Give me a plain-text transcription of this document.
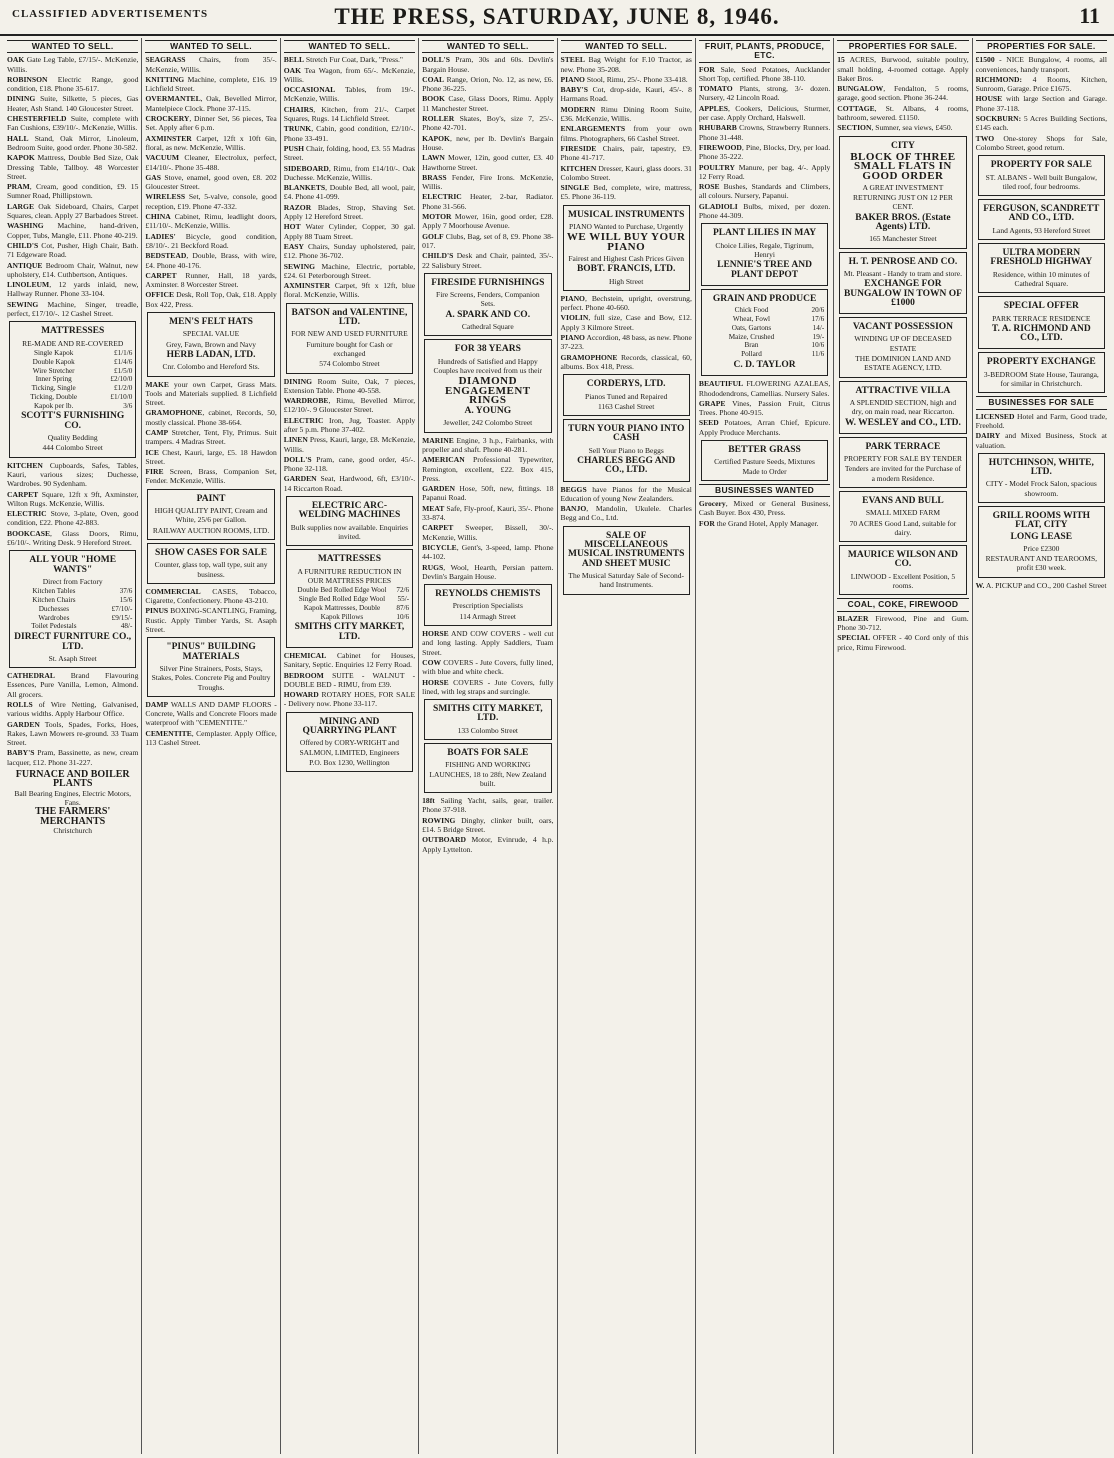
CLASSIFIED ADVERTISEMENTS	THE PRESS, SATURDAY, JUNE 8, 1946.	11
WANTED TO SELL.
OAK Gate Leg Table, £7/15/-. McKenzie, Willis.
ROBINSON Electric Range, good condition, £18. Phone 35-617.
DINING Suite, Silkette, 5 pieces, Gas Heater, Ash Stand. 140 Gloucester Street.
CHESTERFIELD Suite, complete with Fan Cushions, £39/10/-. McKenzie, Willis.
HALL Stand, Oak Mirror, Linoleum, Bedroom Suite, good order. Phone 30-582.
KAPOK Mattress, Double Bed Size, Oak Dressing Table, Tallboy. 48 Worcester Street.
PRAM, Cream, good condition, £9. 15 Sumner Road, Phillipstown.
LARGE Oak Sideboard, Chairs, Carpet Squares, clean. Apply 27 Barbadoes Street.
WASHING Machine, hand-driven, Copper, Tubs, Mangle, £11. Phone 40-219.
CHILD'S Cot, Pusher, High Chair, Bath. 71 Edgeware Road.
ANTIQUE Bedroom Chair, Walnut, new upholstery, £14. Cuthbertson, Antiques.
LINOLEUM, 12 yards inlaid, new, Hallway Runner. Phone 33-104.
SEWING Machine, Singer, treadle, perfect, £17/10/-. 12 Cashel Street.
MATTRESSES
RE-MADE AND RE-COVERED
Single Kapok	£1/1/6
Double Kapok	£1/4/6
Wire Stretcher	£1/5/0
Inner Spring	£2/10/0
Ticking, Single	£1/2/0
Ticking, Double	£1/10/0
Kapok per lb.	3/6
SCOTT'S FURNISHING CO.
Quality Bedding
444 Colombo Street
KITCHEN Cupboards, Safes, Tables, Kauri, various sizes; Duchesse, Wardrobes. 90 Sydenham.
CARPET Square, 12ft x 9ft, Axminster, Wilton Rugs. McKenzie, Willis.
ELECTRIC Stove, 3-plate, Oven, good condition, £22. Phone 42-883.
BOOKCASE, Glass Doors, Rimu, £6/10/-. Writing Desk. 9 Hereford Street.
ALL YOUR "HOME WANTS"
Direct from Factory
Kitchen Tables	37/6
Kitchen Chairs	15/6
Duchesses	£7/10/-
Wardrobes	£9/15/-
Toilet Pedestals	48/-
DIRECT FURNITURE CO., LTD.
St. Asaph Street
CATHEDRAL Brand Flavouring Essences, Pure Vanilla, Lemon, Almond. All grocers.
ROLLS of Wire Netting, Galvanised, various widths. Apply Harbour Office.
GARDEN Tools, Spades, Forks, Hoes, Rakes, Lawn Mowers re-ground. 33 Tuam Street.
BABY'S Pram, Bassinette, as new, cream lacquer, £12. Phone 31-227.
FURNACE AND BOILER PLANTS
Ball Bearing Engines, Electric Motors, Fans.
THE FARMERS' MERCHANTS
Christchurch
WANTED TO SELL.
SEAGRASS Chairs, from 35/-. McKenzie, Willis.
KNITTING Machine, complete, £16. 19 Lichfield Street.
OVERMANTEL, Oak, Bevelled Mirror, Mantelpiece Clock. Phone 37-115.
CROCKERY, Dinner Set, 56 pieces, Tea Set. Apply after 6 p.m.
AXMINSTER Carpet, 12ft x 10ft 6in, floral, as new. McKenzie, Willis.
VACUUM Cleaner, Electrolux, perfect, £14/10/-. Phone 35-488.
GAS Stove, enamel, good oven, £8. 202 Gloucester Street.
WIRELESS Set, 5-valve, console, good reception, £19. Phone 47-332.
CHINA Cabinet, Rimu, leadlight doors, £11/10/-. McKenzie, Willis.
LADIES' Bicycle, good condition, £8/10/-. 21 Beckford Road.
BEDSTEAD, Double, Brass, with wire, £4. Phone 40-176.
CARPET Runner, Hall, 18 yards, Axminster. 8 Worcester Street.
OFFICE Desk, Roll Top, Oak, £18. Apply Box 422, Press.
MEN'S FELT HATS
SPECIAL VALUE
Grey, Fawn, Brown and Navy
HERB LADAN, LTD.
Cnr. Colombo and Hereford Sts.
MAKE your own Carpet, Grass Mats. Tools and Materials supplied. 8 Lichfield Street.
GRAMOPHONE, cabinet, Records, 50, mostly classical. Phone 38-664.
CAMP Stretcher, Tent, Fly, Primus. Suit trampers. 4 Madras Street.
ICE Chest, Kauri, large, £5. 18 Hawdon Street.
FIRE Screen, Brass, Companion Set, Fender. McKenzie, Willis.
PAINT
HIGH QUALITY PAINT, Cream and White, 25/6 per Gallon.
RAILWAY AUCTION ROOMS, LTD.
SHOW CASES FOR SALE
Counter, glass top, wall type, suit any business.
COMMERCIAL CASES, Tobacco, Cigarette, Confectionery. Phone 43-210.
PINUS BOXING-SCANTLING, Framing, Rustic. Apply Timber Yards, St. Asaph Street.
"PINUS" BUILDING MATERIALS
Silver Pine Strainers, Posts, Stays, Stakes, Poles. Concrete Pig and Poultry Troughs.
DAMP WALLS AND DAMP FLOORS - Concrete, Walls and Concrete Floors made waterproof with "CEMENTITE."
CEMENTITE, Cemplaster. Apply Office, 113 Cashel Street.
WANTED TO SELL.
BELL Stretch Fur Coat, Dark, "Press."
OAK Tea Wagon, from 65/-. McKenzie, Willis.
OCCASIONAL Tables, from 19/-. McKenzie, Willis.
CHAIRS, Kitchen, from 21/-. Carpet Squares, Rugs. 14 Lichfield Street.
TRUNK, Cabin, good condition, £2/10/-. Phone 33-491.
PUSH Chair, folding, hood, £3. 55 Madras Street.
SIDEBOARD, Rimu, from £14/10/-. Oak Duchesse. McKenzie, Willis.
BLANKETS, Double Bed, all wool, pair, £4. Phone 41-099.
RAZOR Blades, Strop, Shaving Set. Apply 12 Hereford Street.
HOT Water Cylinder, Copper, 30 gal. Apply 88 Tuam Street.
EASY Chairs, Sunday upholstered, pair, £12. Phone 36-702.
SEWING Machine, Electric, portable, £24. 61 Peterborough Street.
AXMINSTER Carpet, 9ft x 12ft, blue floral. McKenzie, Willis.
BATSON and VALENTINE, LTD.
FOR NEW AND USED FURNITURE
Furniture bought for Cash or exchanged
574 Colombo Street
DINING Room Suite, Oak, 7 pieces, Extension Table. Phone 40-558.
WARDROBE, Rimu, Bevelled Mirror, £12/10/-. 9 Gloucester Street.
ELECTRIC Iron, Jug, Toaster. Apply after 5 p.m. Phone 37-402.
LINEN Press, Kauri, large, £8. McKenzie, Willis.
DOLL'S Pram, cane, good order, 45/-. Phone 32-118.
GARDEN Seat, Hardwood, 6ft, £3/10/-. 14 Riccarton Road.
ELECTRIC ARC-WELDING MACHINES
Bulk supplies now available. Enquiries invited.
MATTRESSES
A FURNITURE REDUCTION IN OUR MATTRESS PRICES
Double Bed Rolled Edge Wool	72/6
Single Bed Rolled Edge Wool	55/-
Kapok Mattresses, Double	87/6
Kapok Pillows	10/6
SMITHS CITY MARKET, LTD.
CHEMICAL Cabinet for Houses, Sanitary, Septic. Enquiries 12 Ferry Road.
BEDROOM SUITE - WALNUT - DOUBLE BED - RIMU, from £39.
HOWARD ROTARY HOES, FOR SALE - Delivery now. Phone 33-117.
MINING AND QUARRYING PLANT
Offered by CORY-WRIGHT and SALMON, LIMITED, Engineers
P.O. Box 1230, Wellington
WANTED TO SELL.
DOLL'S Pram, 30s and 60s. Devlin's Bargain House.
COAL Range, Orion, No. 12, as new, £6. Phone 36-225.
BOOK Case, Glass Doors, Rimu. Apply 11 Manchester Street.
ROLLER Skates, Boy's, size 7, 25/-. Phone 42-701.
KAPOK, new, per lb. Devlin's Bargain House.
LAWN Mower, 12in, good cutter, £3. 40 Hawthorne Street.
BRASS Fender, Fire Irons. McKenzie, Willis.
ELECTRIC Heater, 2-bar, Radiator. Phone 31-566.
MOTOR Mower, 16in, good order, £28. Apply 7 Moorhouse Avenue.
GOLF Clubs, Bag, set of 8, £9. Phone 38-017.
CHILD'S Desk and Chair, painted, 35/-. 22 Salisbury Street.
FIRESIDE FURNISHINGS
Fire Screens, Fenders, Companion Sets.
A. SPARK AND CO.
Cathedral Square
FOR 38 YEARS
Hundreds of Satisfied and Happy Couples have received from us their
DIAMOND ENGAGEMENT RINGS
A. YOUNG
Jeweller, 242 Colombo Street
MARINE Engine, 3 h.p., Fairbanks, with propeller and shaft. Phone 40-281.
AMERICAN Professional Typewriter, Remington, excellent, £22. Box 415, Press.
GARDEN Hose, 50ft, new, fittings. 18 Papanui Road.
MEAT Safe, Fly-proof, Kauri, 35/-. Phone 33-874.
CARPET Sweeper, Bissell, 30/-. McKenzie, Willis.
BICYCLE, Gent's, 3-speed, lamp. Phone 44-102.
RUGS, Wool, Hearth, Persian pattern. Devlin's Bargain House.
REYNOLDS CHEMISTS
Prescription Specialists
114 Armagh Street
HORSE AND COW COVERS - well cut and long lasting. Apply Saddlers, Tuam Street.
COW COVERS - Jute Covers, fully lined, with blue and white check.
HORSE COVERS - Jute Covers, fully lined, with leg straps and surcingle.
SMITHS CITY MARKET, LTD.
133 Colombo Street
BOATS FOR SALE
FISHING AND WORKING LAUNCHES, 18 to 28ft, New Zealand built.
18ft Sailing Yacht, sails, gear, trailer. Phone 37-918.
ROWING Dinghy, clinker built, oars, £14. 5 Bridge Street.
OUTBOARD Motor, Evinrude, 4 h.p. Apply Lyttelton.
WANTED TO SELL.
STEEL Bag Weight for F.10 Tractor, as new. Phone 35-208.
PIANO Stool, Rimu, 25/-. Phone 33-418.
BABY'S Cot, drop-side, Kauri, 45/-. 8 Harmans Road.
MODERN Rimu Dining Room Suite, £36. McKenzie, Willis.
ENLARGEMENTS from your own films. Photographers, 66 Cashel Street.
FIRESIDE Chairs, pair, tapestry, £9. Phone 41-717.
KITCHEN Dresser, Kauri, glass doors. 31 Colombo Street.
SINGLE Bed, complete, wire, mattress, £5. Phone 36-119.
MUSICAL INSTRUMENTS
PIANO Wanted to Purchase, Urgently
WE WILL BUY YOUR PIANO
Fairest and Highest Cash Prices Given
BOBT. FRANCIS, LTD.
High Street
PIANO, Bechstein, upright, overstrung, perfect. Phone 40-660.
VIOLIN, full size, Case and Bow, £12. Apply 3 Kilmore Street.
PIANO Accordion, 48 bass, as new. Phone 37-223.
GRAMOPHONE Records, classical, 60, albums. Box 418, Press.
CORDERYS, LTD.
Pianos Tuned and Repaired
1163 Cashel Street
TURN YOUR PIANO INTO CASH
Sell Your Piano to Beggs
CHARLES BEGG AND CO., LTD.
BEGGS have Pianos for the Musical Education of young New Zealanders.
BANJO, Mandolin, Ukulele. Charles Begg and Co., Ltd.
SALE OF MISCELLANEOUS MUSICAL INSTRUMENTS AND SHEET MUSIC
The Musical Saturday Sale of Second-hand Instruments.
FRUIT, PLANTS, PRODUCE, ETC.
FOR Sale, Seed Potatoes, Aucklander Short Top, certified. Phone 38-110.
TOMATO Plants, strong, 3/- dozen. Nursery, 42 Lincoln Road.
APPLES, Cookers, Delicious, Sturmer, per case. Apply Orchard, Halswell.
RHUBARB Crowns, Strawberry Runners. Phone 31-448.
FIREWOOD, Pine, Blocks, Dry, per load. Phone 35-222.
POULTRY Manure, per bag, 4/-. Apply 12 Ferry Road.
ROSE Bushes, Standards and Climbers, all colours. Nursery, Papanui.
GLADIOLI Bulbs, mixed, per dozen. Phone 44-309.
PLANT LILIES IN MAY
Choice Lilies, Regale, Tigrinum, Henryi
LENNIE'S TREE AND PLANT DEPOT
GRAIN AND PRODUCE
Chick Food	20/6
Wheat, Fowl	17/6
Oats, Gartons	14/-
Maize, Crushed	19/-
Bran	10/6
Pollard	11/6
C. D. TAYLOR
BEAUTIFUL FLOWERING AZALEAS, Rhododendrons, Camellias. Nursery Sales.
GRAPE Vines, Passion Fruit, Citrus Trees. Phone 40-915.
SEED Potatoes, Arran Chief, Epicure. Apply Produce Merchants.
BETTER GRASS
Certified Pasture Seeds, Mixtures Made to Order
BUSINESSES WANTED
Grocery, Mixed or General Business, Cash Buyer. Box 430, Press.
FOR the Grand Hotel, Apply Manager.
PROPERTIES FOR SALE.
15 ACRES, Burwood, suitable poultry, small holding, 4-roomed cottage. Apply Baker Bros.
BUNGALOW, Fendalton, 5 rooms, garage, good section. Phone 36-244.
COTTAGE, St. Albans, 4 rooms, bathroom, sewered. £1150.
SECTION, Sumner, sea views, £450.
CITY
BLOCK OF THREE SMALL FLATS IN GOOD ORDER
A GREAT INVESTMENT
RETURNING JUST ON 12 PER CENT.
BAKER BROS. (Estate Agents) LTD.
165 Manchester Street
H. T. PENROSE AND CO.
Mt. Pleasant - Handy to tram and store.
EXCHANGE FOR BUNGALOW IN TOWN OF £1000
VACANT POSSESSION
WINDING UP OF DECEASED ESTATE
THE DOMINION LAND AND ESTATE AGENCY, LTD.
ATTRACTIVE VILLA
A SPLENDID SECTION, high and dry, on main road, near Riccarton.
W. WESLEY and CO., LTD.
PARK TERRACE
PROPERTY FOR SALE BY TENDER
Tenders are invited for the Purchase of a modern Residence.
EVANS AND BULL
SMALL MIXED FARM
70 ACRES Good Land, suitable for dairy.
MAURICE WILSON AND CO.
LINWOOD - Excellent Position, 5 rooms.
COAL, COKE, FIREWOOD
BLAZER Firewood, Pine and Gum. Phone 30-712.
SPECIAL OFFER - 40 Cord only of this price, Rimu Firewood.
PROPERTIES FOR SALE.
£1500 - NICE Bungalow, 4 rooms, all conveniences, handy transport.
RICHMOND: 4 Rooms, Kitchen, Sunroom, Garage. Price £1675.
HOUSE with large Section and Garage. Phone 37-118.
SOCKBURN: 5 Acres Building Sections, £145 each.
TWO One-storey Shops for Sale, Colombo Street, good return.
PROPERTY FOR SALE
ST. ALBANS - Well built Bungalow, tiled roof, four bedrooms.
FERGUSON, SCANDRETT AND CO., LTD.
Land Agents, 93 Hereford Street
ULTRA MODERN FRESHOLD HIGHWAY
Residence, within 10 minutes of Cathedral Square.
SPECIAL OFFER
PARK TERRACE RESIDENCE
T. A. RICHMOND AND CO., LTD.
PROPERTY EXCHANGE
3-BEDROOM State House, Tauranga, for similar in Christchurch.
BUSINESSES FOR SALE
LICENSED Hotel and Farm, Good trade, Freehold.
DAIRY and Mixed Business, Stock at valuation.
HUTCHINSON, WHITE, LTD.
CITY - Model Frock Salon, spacious showroom.
GRILL ROOMS WITH FLAT, CITY
LONG LEASE
Price £2300
RESTAURANT AND TEAROOMS, profit £30 week.
W. A. PICKUP and CO., 200 Cashel Street
